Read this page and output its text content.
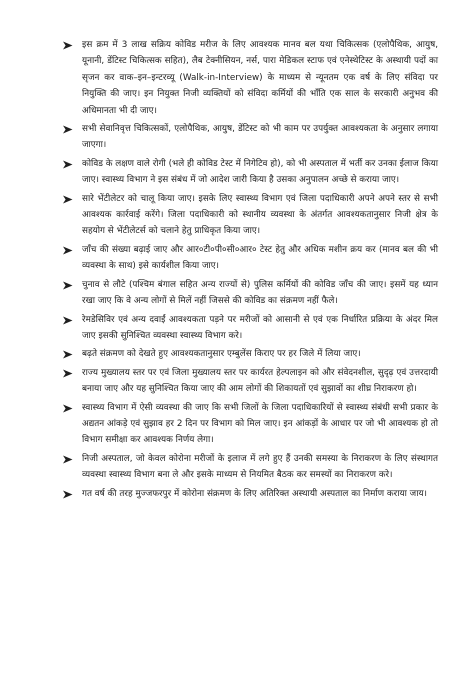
इस क्रम में 3 लाख सक्रिय कोविड मरीज के लिए आवश्यक मानव बल यथा चिकित्सक (एलोपैथिक, आयुष, यूनानी, डेंटिस्ट चिकित्सक सहित), लैब टेक्नीसियन, नर्स, पारा मेडिकल स्टाफ एवं एनेस्थेटिस्ट के अस्थायी पदों का सृजन कर वाक–इन–इन्टरव्यू (Walk-in-Interview) के माध्यम से न्यूनतम एक वर्ष के लिए संविदा पर नियुक्ति की जाए। इन नियुक्त निजी व्यक्तियों को संविदा कर्मियों की भाँति एक साल के सरकारी अनुभव की अधिमानता भी दी जाए।
सभी सेवानिवृत्त चिकित्सकों, एलोपैथिक, आयुष, डेंटिस्ट को भी काम पर उपर्युक्त आवश्यकता के अनुसार लगाया जाएगा।
कोविड के लक्षण वाले रोगी (भले ही कोविड टेस्ट में निगेटिव हो), को भी अस्पताल में भर्ती कर उनका ईलाज किया जाए। स्वास्थ्य विभाग ने इस संबंध में जो आदेश जारी किया है उसका अनुपालन अच्छे से कराया जाए।
सारे भेंटीलेटर को चालू किया जाए। इसके लिए स्वास्थ्य विभाग एवं जिला पदाधिकारी अपने अपने स्तर से सभी आवश्यक कार्रवाई करेंगे। जिला पदाधिकारी को स्थानीय व्यवस्था के अंतर्गत आवश्यकतानुसार निजी क्षेत्र के सहयोग से भेंटीलेटर्स को चलाने हेतु प्राधिकृत किया जाए।
जाँच की संख्या बढ़ाई जाए और आर०टी०पी०सी०आर० टेस्ट हेतु और अधिक मशीन क्रय कर (मानव बल की भी व्यवस्था के साथ) इसे कार्यशील किया जाए।
चुनाव से लौटे (पश्चिम बंगाल सहित अन्य राज्यों से) पुलिस कर्मियों की कोविड जाँच की जाए। इसमें यह ध्यान रखा जाए कि वे अन्य लोगों से मिलें नहीं जिससे की कोविड का संक्रमण नहीं फैले।
रेमडेसिविर एवं अन्य दवाईं आवश्यकता पड़ने पर मरीजों को आसानी से एवं एक निर्धारित प्रक्रिया के अंदर मिल जाए इसकी सुनिश्चित व्यवस्था स्वास्थ्य विभाग करे।
बढ़ते संक्रमण को देखते हुए आवश्यकतानुसार एम्बुलेंस किराए पर हर जिले में लिया जाए।
राज्य मुख्यालय स्तर पर एवं जिला मुख्यालय स्तर पर कार्यरत हेल्पलाइन को और संवेदनशील, सुदृढ़ एवं उत्तरदायी बनाया जाए और यह सुनिश्चित किया जाए की आम लोगों की शिकायतों एवं सुझावों का शीघ्र निराकरण हो।
स्वास्थ्य विभाग में ऐसी व्यवस्था की जाए कि सभी जिलों के जिला पदाधिकारियों से स्वास्थ्य संबंधी सभी प्रकार के अद्यतन आंकड़े एवं सुझाव हर 2 दिन पर विभाग को मिल जाए। इन आंकड़ों के आधार पर जो भी आवश्यक हो तो विभाग समीक्षा कर आवश्यक निर्णय लेगा।
निजी अस्पताल, जो केवल कोरोना मरीजों के इलाज में लगे हुए हैं उनकी समस्या के निराकरण के लिए संस्थागत व्यवस्था स्वास्थ्य विभाग बना ले और इसके माध्यम से नियमित बैठक कर समस्यों का निराकरण करे।
गत वर्ष की तरह मुज्जफरपुर में कोरोना संक्रमण के लिए अतिरिक्त अस्थायी अस्पताल का निर्माण कराया जाय।
